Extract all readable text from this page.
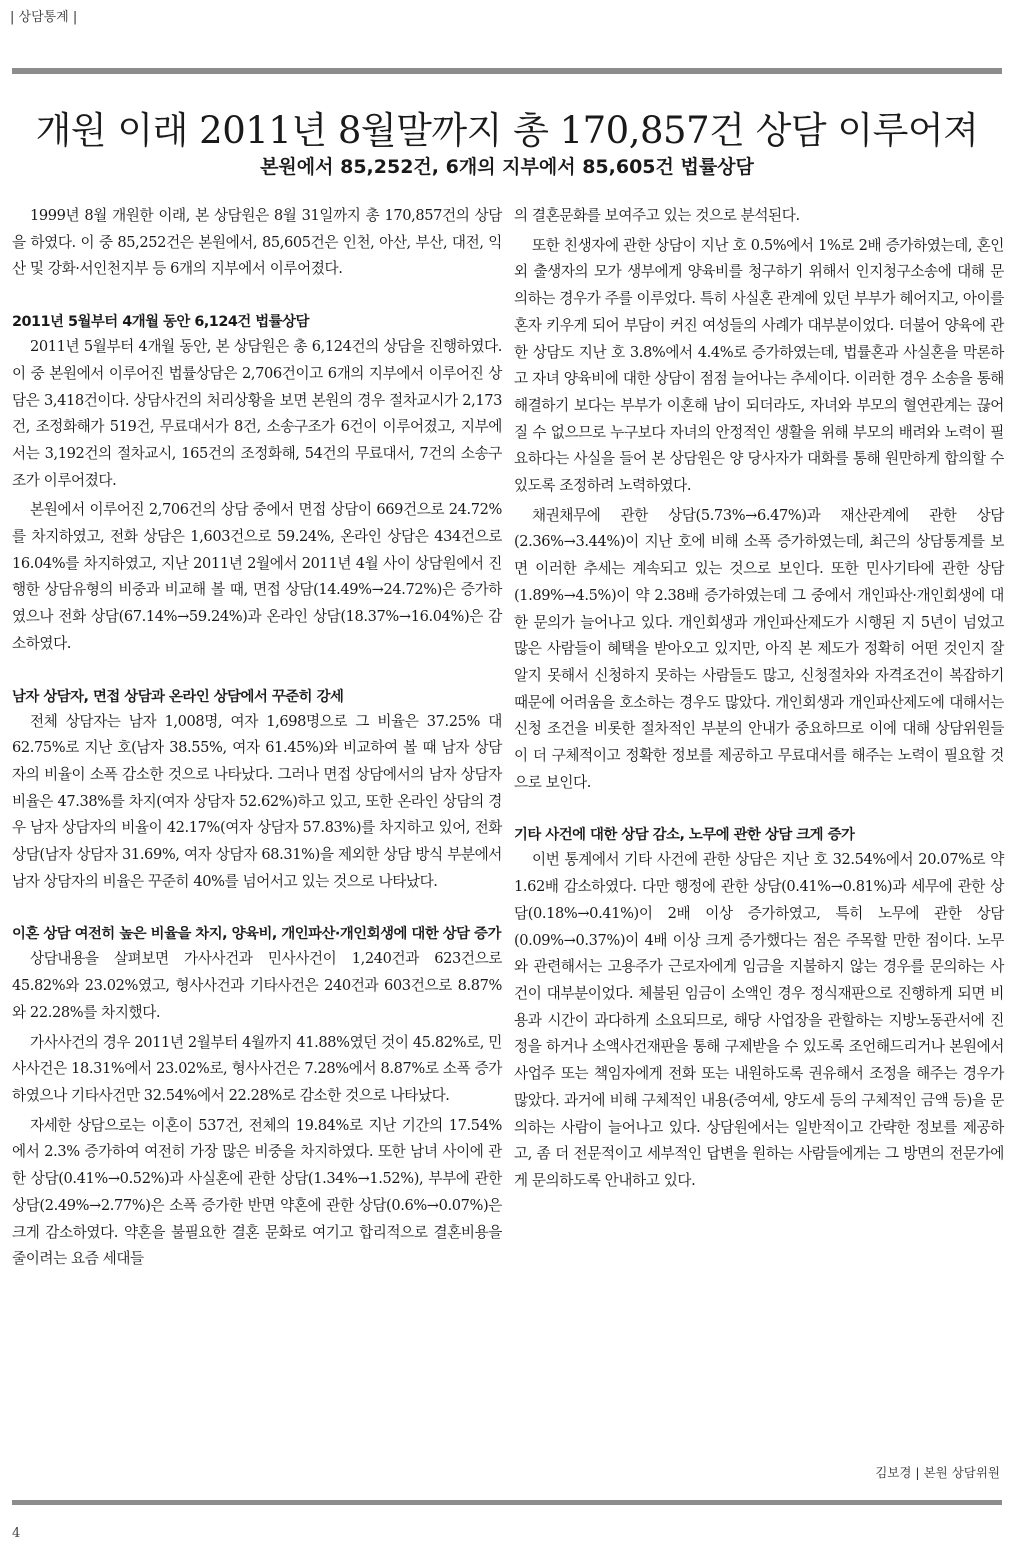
| 상담통계 |
개원 이래 2011년 8월말까지 총 170,857건 상담 이루어져
본원에서 85,252건, 6개의 지부에서 85,605건 법률상담

1999년 8월 개원한 이래, 본 상담원은 8월 31일까지 총 170,857건의 상담을 하였다. 이 중 85,252건은 본원에서, 85,605건은 인천, 아산, 부산, 대전, 익산 및 강화·서인천지부 등 6개의 지부에서 이루어졌다.

2011년 5월부터 4개월 동안 6,124건 법률상담

2011년 5월부터 4개월 동안, 본 상담원은 총 6,124건의 상담을 진행하였다. 이 중 본원에서 이루어진 법률상담은 2,706건이고 6개의 지부에서 이루어진 상담은 3,418건이다. 상담사건의 처리상황을 보면 본원의 경우 절차교시가 2,173건, 조정화해가 519건, 무료대서가 8건, 소송구조가 6건이 이루어졌고, 지부에서는 3,192건의 절차교시, 165건의 조정화해, 54건의 무료대서, 7건의 소송구조가 이루어졌다.

본원에서 이루어진 2,706건의 상담 중에서 면접 상담이 669건으로 24.72%를 차지하였고, 전화 상담은 1,603건으로 59.24%, 온라인 상담은 434건으로 16.04%를 차지하였고, 지난 2011년 2월에서 2011년 4월 사이 상담원에서 진행한 상담유형의 비중과 비교해 볼 때, 면접 상담(14.49%→24.72%)은 증가하였으나 전화 상담(67.14%→59.24%)과 온라인 상담(18.37%→16.04%)은 감소하였다.

남자 상담자, 면접 상담과 온라인 상담에서 꾸준히 강세

전체 상담자는 남자 1,008명, 여자 1,698명으로 그 비율은 37.25% 대 62.75%로 지난 호(남자 38.55%, 여자 61.45%)와 비교하여 볼 때 남자 상담자의 비율이 소폭 감소한 것으로 나타났다. 그러나 면접 상담에서의 남자 상담자 비율은 47.38%를 차지(여자 상담자 52.62%)하고 있고, 또한 온라인 상담의 경우 남자 상담자의 비율이 42.17%(여자 상담자 57.83%)를 차지하고 있어, 전화 상담(남자 상담자 31.69%, 여자 상담자 68.31%)을 제외한 상담 방식 부분에서 남자 상담자의 비율은 꾸준히 40%를 넘어서고 있는 것으로 나타났다.

이혼 상담 여전히 높은 비율을 차지, 양육비, 개인파산·개인회생에 대한 상담 증가

상담내용을 살펴보면 가사사건과 민사사건이 1,240건과 623건으로 45.82%와 23.02%였고, 형사사건과 기타사건은 240건과 603건으로 8.87%와 22.28%를 차지했다.

가사사건의 경우 2011년 2월부터 4월까지 41.88%였던 것이 45.82%로, 민사사건은 18.31%에서 23.02%로, 형사사건은 7.28%에서 8.87%로 소폭 증가하였으나 기타사건만 32.54%에서 22.28%로 감소한 것으로 나타났다.

자세한 상담으로는 이혼이 537건, 전체의 19.84%로 지난 기간의 17.54%에서 2.3% 증가하여 여전히 가장 많은 비중을 차지하였다. 또한 남녀 사이에 관한 상담(0.41%→0.52%)과 사실혼에 관한 상담(1.34%→1.52%), 부부에 관한 상담(2.49%→2.77%)은 소폭 증가한 반면 약혼에 관한 상담(0.6%→0.07%)은 크게 감소하였다. 약혼을 불필요한 결혼 문화로 여기고 합리적으로 결혼비용을 줄이려는 요즘 세대들

의 결혼문화를 보여주고 있는 것으로 분석된다.

또한 친생자에 관한 상담이 지난 호 0.5%에서 1%로 2배 증가하였는데, 혼인 외 출생자의 모가 생부에게 양육비를 청구하기 위해서 인지청구소송에 대해 문의하는 경우가 주를 이루었다. 특히 사실혼 관계에 있던 부부가 헤어지고, 아이를 혼자 키우게 되어 부담이 커진 여성들의 사례가 대부분이었다. 더불어 양육에 관한 상담도 지난 호 3.8%에서 4.4%로 증가하였는데, 법률혼과 사실혼을 막론하고 자녀 양육비에 대한 상담이 점점 늘어나는 추세이다. 이러한 경우 소송을 통해 해결하기 보다는 부부가 이혼해 남이 되더라도, 자녀와 부모의 혈연관계는 끊어질 수 없으므로 누구보다 자녀의 안정적인 생활을 위해 부모의 배려와 노력이 필요하다는 사실을 들어 본 상담원은 양 당사자가 대화를 통해 원만하게 합의할 수 있도록 조정하려 노력하였다.

채권채무에 관한 상담(5.73%→6.47%)과 재산관계에 관한 상담(2.36%→3.44%)이 지난 호에 비해 소폭 증가하였는데, 최근의 상담통계를 보면 이러한 추세는 계속되고 있는 것으로 보인다. 또한 민사기타에 관한 상담(1.89%→4.5%)이 약 2.38배 증가하였는데 그 중에서 개인파산·개인회생에 대한 문의가 늘어나고 있다. 개인회생과 개인파산제도가 시행된 지 5년이 넘었고 많은 사람들이 혜택을 받아오고 있지만, 아직 본 제도가 정확히 어떤 것인지 잘 알지 못해서 신청하지 못하는 사람들도 많고, 신청절차와 자격조건이 복잡하기 때문에 어려움을 호소하는 경우도 많았다. 개인회생과 개인파산제도에 대해서는 신청 조건을 비롯한 절차적인 부분의 안내가 중요하므로 이에 대해 상담위원들이 더 구체적이고 정확한 정보를 제공하고 무료대서를 해주는 노력이 필요할 것으로 보인다.

기타 사건에 대한 상담 감소, 노무에 관한 상담 크게 증가

이번 통계에서 기타 사건에 관한 상담은 지난 호 32.54%에서 20.07%로 약 1.62배 감소하였다. 다만 행정에 관한 상담(0.41%→0.81%)과 세무에 관한 상담(0.18%→0.41%)이 2배 이상 증가하였고, 특히 노무에 관한 상담(0.09%→0.37%)이 4배 이상 크게 증가했다는 점은 주목할 만한 점이다. 노무와 관련해서는 고용주가 근로자에게 임금을 지불하지 않는 경우를 문의하는 사건이 대부분이었다. 체불된 임금이 소액인 경우 정식재판으로 진행하게 되면 비용과 시간이 과다하게 소요되므로, 해당 사업장을 관할하는 지방노동관서에 진정을 하거나 소액사건재판을 통해 구제받을 수 있도록 조언해드리거나 본원에서 사업주 또는 책임자에게 전화 또는 내원하도록 권유해서 조정을 해주는 경우가 많았다. 과거에 비해 구체적인 내용(증여세, 양도세 등의 구체적인 금액 등)을 문의하는 사람이 늘어나고 있다. 상담원에서는 일반적이고 간략한 정보를 제공하고, 좀 더 전문적이고 세부적인 답변을 원하는 사람들에게는 그 방면의 전문가에게 문의하도록 안내하고 있다.

김보경 | 본원 상담위원
4
